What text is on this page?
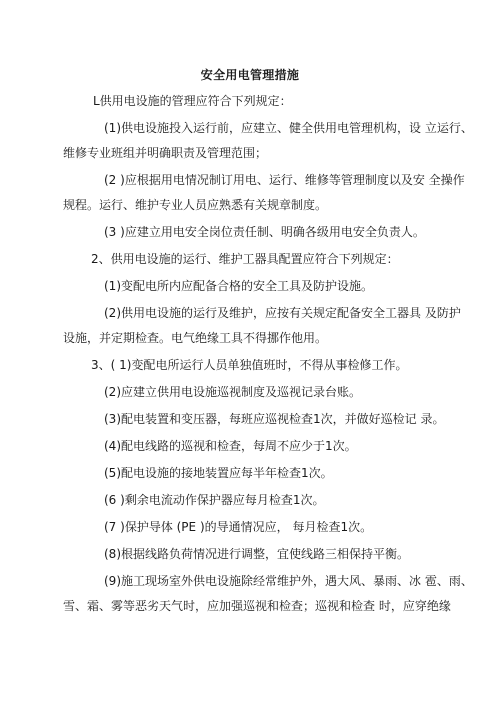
安全用电管理措施
L供用电设施的管理应符合下列规定：
(1)供电设施投入运行前，应建立、健全供用电管理机构，设 立运行、
维修专业班组并明确职责及管理范围；
(2 )应根据用电情况制订用电、运行、维修等管理制度以及安 全操作
规程。运行、维护专业人员应熟悉有关规章制度。
(3 )应建立用电安全岗位责任制、明确各级用电安全负责人。
2、供用电设施的运行、维护工器具配置应符合下列规定：
(1)变配电所内应配备合格的安全工具及防护设施。
(2)供用电设施的运行及维护，应按有关规定配备安全工器具 及防护
设施，并定期检查。电气绝缘工具不得挪作他用。
3、( 1)变配电所运行人员单独值班时，不得从事检修工作。
(2)应建立供用电设施巡视制度及巡视记录台账。
(3)配电装置和变压器，每班应巡视检查1次，并做好巡检记 录。
(4)配电线路的巡视和检查，每周不应少于1次。
(5)配电设施的接地装置应每半年检查1次。
(6 )剩余电流动作保护器应每月检查1次。
(7 )保护导体 (PE )的导通情况应， 每月检查1次。
(8)根据线路负荷情况进行调整，宜使线路三相保持平衡。
(9)施工现场室外供电设施除经常维护外，遇大风、暴雨、冰 雹、雨、
雪、霜、雾等恶劣天气时，应加强巡视和检查；巡视和检查 时，应穿绝缘
